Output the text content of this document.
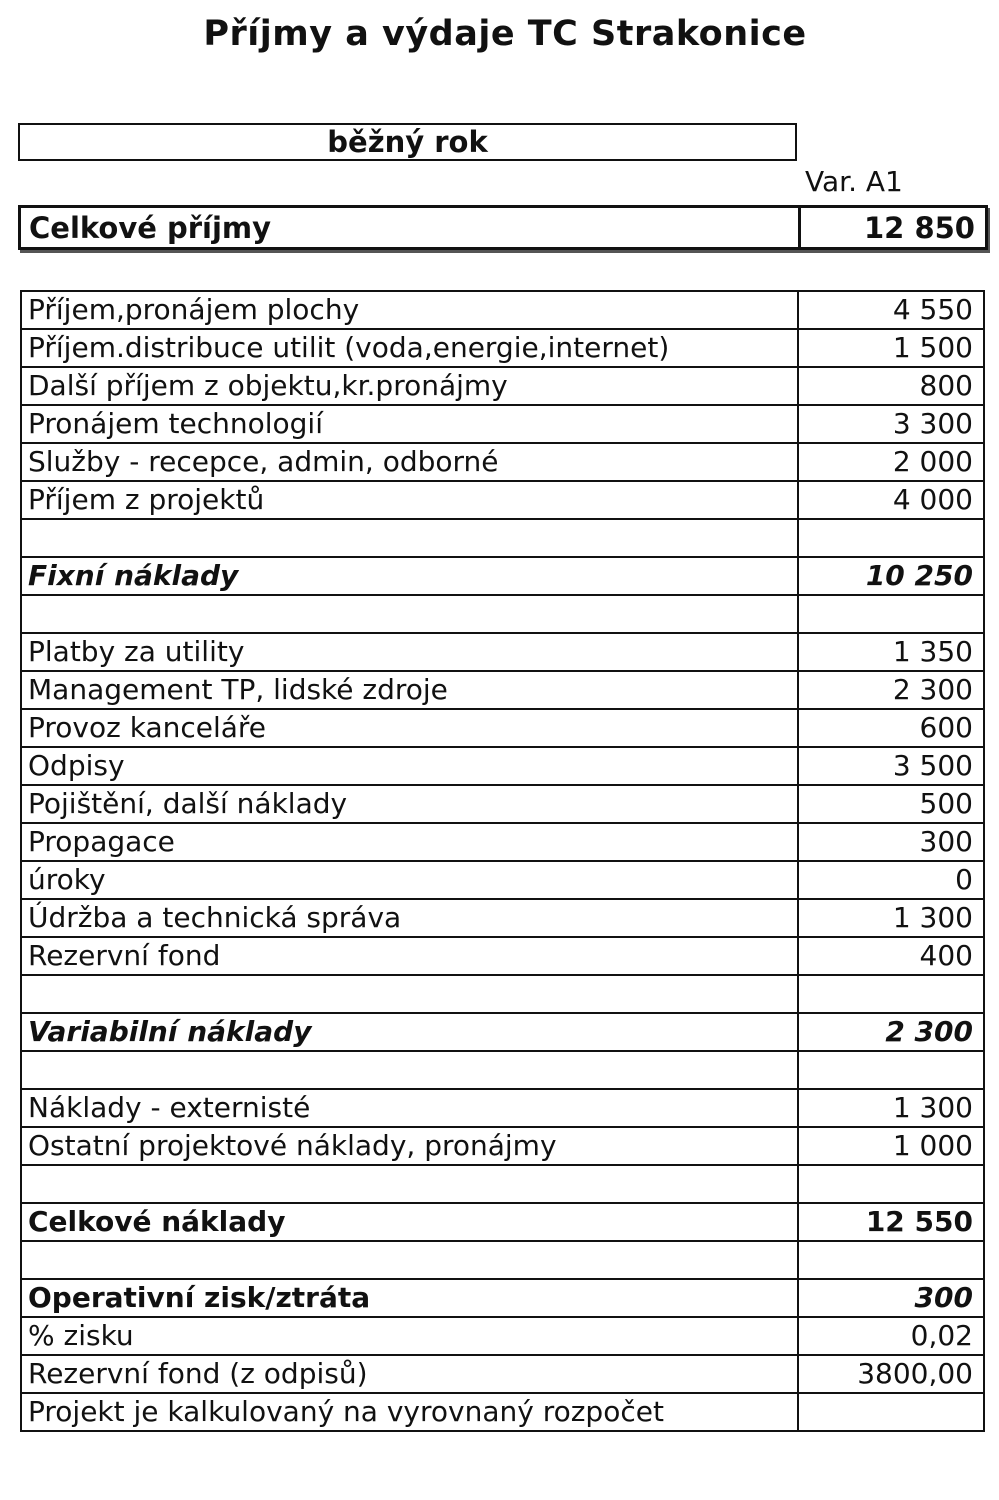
Příjmy a výdaje TC Strakonice
běžný rok
Var. A1
Celkové příjmy	12 850
Příjem,pronájem plochy	4 550
Příjem.distribuce utilit (voda,energie,internet)	1 500
Další příjem z objektu,kr.pronájmy	800
Pronájem technologií	3 300
Služby - recepce, admin, odborné	2 000
Příjem z projektů	4 000

Fixní náklady	10 250

Platby za utility	1 350
Management TP, lidské zdroje	2 300
Provoz kanceláře	600
Odpisy	3 500
Pojištění, další náklady	500
Propagace	300
úroky	0
Údržba a technická správa	1 300
Rezervní fond	400

Variabilní náklady	2 300

Náklady - externisté	1 300
Ostatní projektové náklady, pronájmy	1 000

Celkové náklady	12 550

Operativní zisk/ztráta	300
% zisku	0,02
Rezervní fond (z odpisů)	3800,00
Projekt je kalkulovaný na vyrovnaný rozpočet	
